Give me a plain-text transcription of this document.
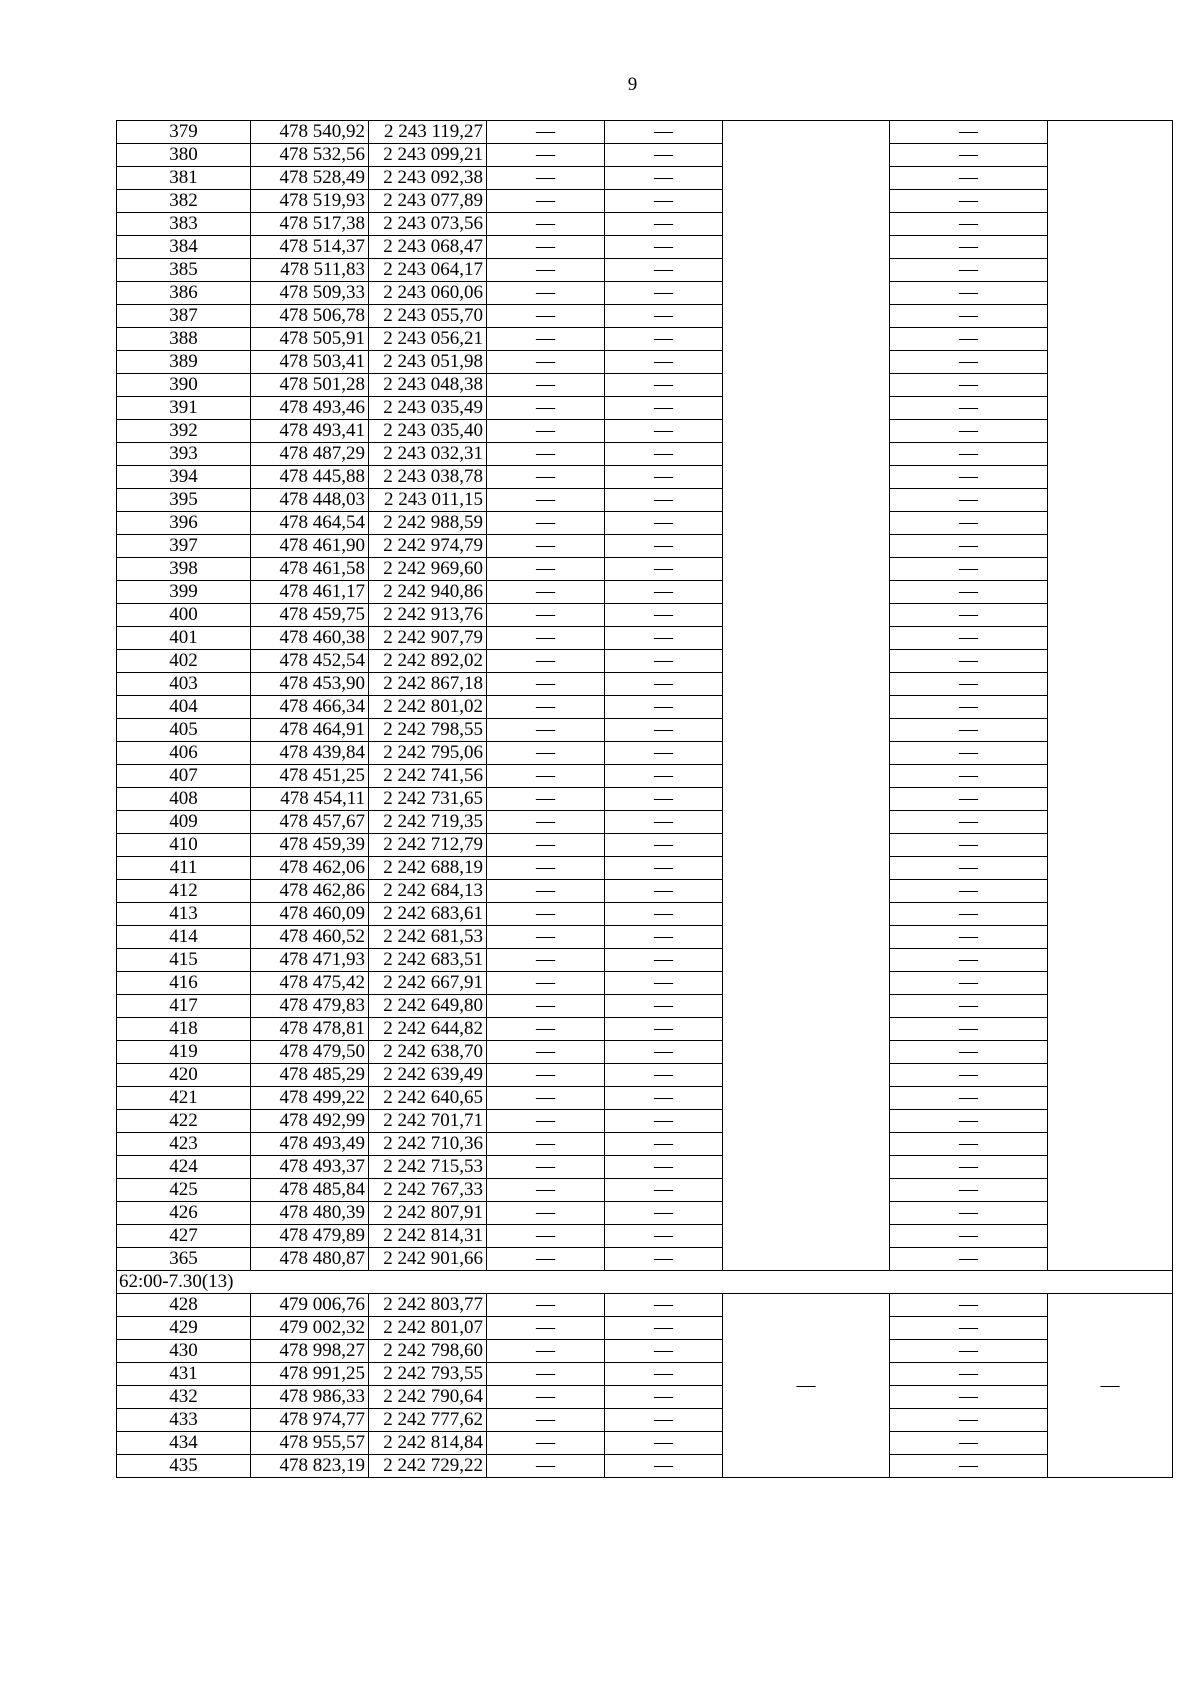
9
379	478 540,92	2 243 119,27	—	—		—	
380	478 532,56	2 243 099,21	—	—		—	
381	478 528,49	2 243 092,38	—	—		—	
382	478 519,93	2 243 077,89	—	—		—	
383	478 517,38	2 243 073,56	—	—		—	
384	478 514,37	2 243 068,47	—	—		—	
385	478 511,83	2 243 064,17	—	—		—	
386	478 509,33	2 243 060,06	—	—		—	
387	478 506,78	2 243 055,70	—	—		—	
388	478 505,91	2 243 056,21	—	—		—	
389	478 503,41	2 243 051,98	—	—		—	
390	478 501,28	2 243 048,38	—	—		—	
391	478 493,46	2 243 035,49	—	—		—	
392	478 493,41	2 243 035,40	—	—		—	
393	478 487,29	2 243 032,31	—	—		—	
394	478 445,88	2 243 038,78	—	—		—	
395	478 448,03	2 243 011,15	—	—		—	
396	478 464,54	2 242 988,59	—	—		—	
397	478 461,90	2 242 974,79	—	—		—	
398	478 461,58	2 242 969,60	—	—		—	
399	478 461,17	2 242 940,86	—	—		—	
400	478 459,75	2 242 913,76	—	—		—	
401	478 460,38	2 242 907,79	—	—		—	
402	478 452,54	2 242 892,02	—	—		—	
403	478 453,90	2 242 867,18	—	—		—	
404	478 466,34	2 242 801,02	—	—		—	
405	478 464,91	2 242 798,55	—	—		—	
406	478 439,84	2 242 795,06	—	—		—	
407	478 451,25	2 242 741,56	—	—		—	
408	478 454,11	2 242 731,65	—	—		—	
409	478 457,67	2 242 719,35	—	—		—	
410	478 459,39	2 242 712,79	—	—		—	
411	478 462,06	2 242 688,19	—	—		—	
412	478 462,86	2 242 684,13	—	—		—	
413	478 460,09	2 242 683,61	—	—		—	
414	478 460,52	2 242 681,53	—	—		—	
415	478 471,93	2 242 683,51	—	—		—	
416	478 475,42	2 242 667,91	—	—		—	
417	478 479,83	2 242 649,80	—	—		—	
418	478 478,81	2 242 644,82	—	—		—	
419	478 479,50	2 242 638,70	—	—		—	
420	478 485,29	2 242 639,49	—	—		—	
421	478 499,22	2 242 640,65	—	—		—	
422	478 492,99	2 242 701,71	—	—		—	
423	478 493,49	2 242 710,36	—	—		—	
424	478 493,37	2 242 715,53	—	—		—	
425	478 485,84	2 242 767,33	—	—		—	
426	478 480,39	2 242 807,91	—	—		—	
427	478 479,89	2 242 814,31	—	—		—	
365	478 480,87	2 242 901,66	—	—		—	
62:00-7.30(13)							
428	479 006,76	2 242 803,77	—	—	—	—	—
429	479 002,32	2 242 801,07	—	—		—	
430	478 998,27	2 242 798,60	—	—		—	
431	478 991,25	2 242 793,55	—	—		—	
432	478 986,33	2 242 790,64	—	—		—	
433	478 974,77	2 242 777,62	—	—		—	
434	478 955,57	2 242 814,84	—	—		—	
435	478 823,19	2 242 729,22	—	—		—	
